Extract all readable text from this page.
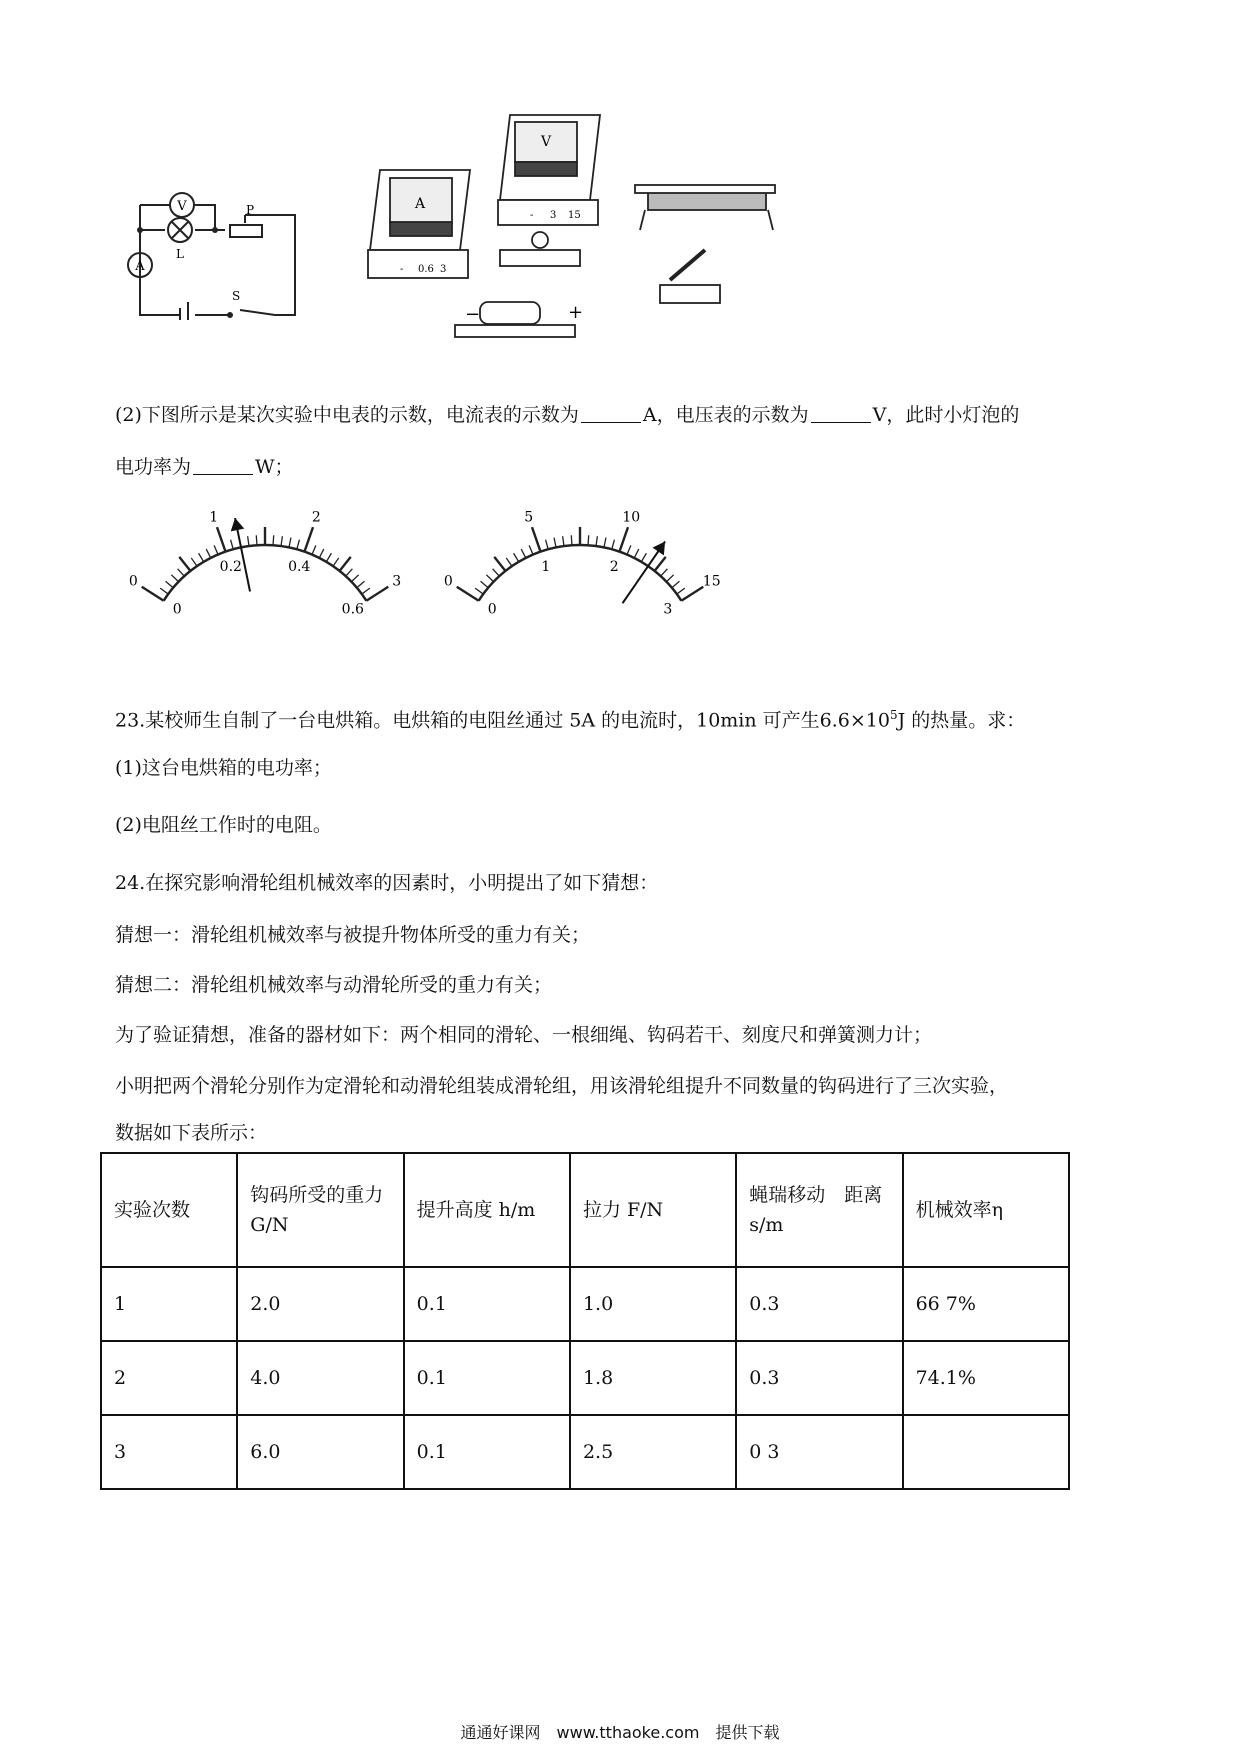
V
A
L
P
S
A
- 0.6 3
V
- 3 15
−	+
(2)下图所示是某次实验中电表的示数，电流表的示数为	A，电压表的示数为	V，此时小灯泡的
电功率为	W；
0
1	2
3
0
0.2	0.4
0.6
0
5	10
15
0
1	2
3
23.某校师生自制了一台电烘箱。电烘箱的电阻丝通过 5A 的电流时，10min 可产生$6.6\times 10^5J$ 的热量。求：
(1)这台电烘箱的电功率；
(2)电阻丝工作时的电阻。
24.在探究影响滑轮组机械效率的因素时，小明提出了如下猜想：
猜想一：滑轮组机械效率与被提升物体所受的重力有关；
猜想二：滑轮组机械效率与动滑轮所受的重力有关；
为了验证猜想，准备的器材如下：两个相同的滑轮、一根细绳、钩码若干、刻度尺和弹簧测力计；
小明把两个滑轮分别作为定滑轮和动滑轮组装成滑轮组，用该滑轮组提升不同数量的钩码进行了三次实验，
数据如下表所示：
实验次数	钩码所受的重力 G/N	提升高度 h/m	拉力 F/N	蝇瑞移动　距离 s/m	机械效率η
1	2.0	0.1	1.0	0.3	66 7%
2	4.0	0.1	1.8	0.3	74.1%
3	6.0	0.1	2.5	0 3	
通通好课网　www.tthaoke.com　提供下载
